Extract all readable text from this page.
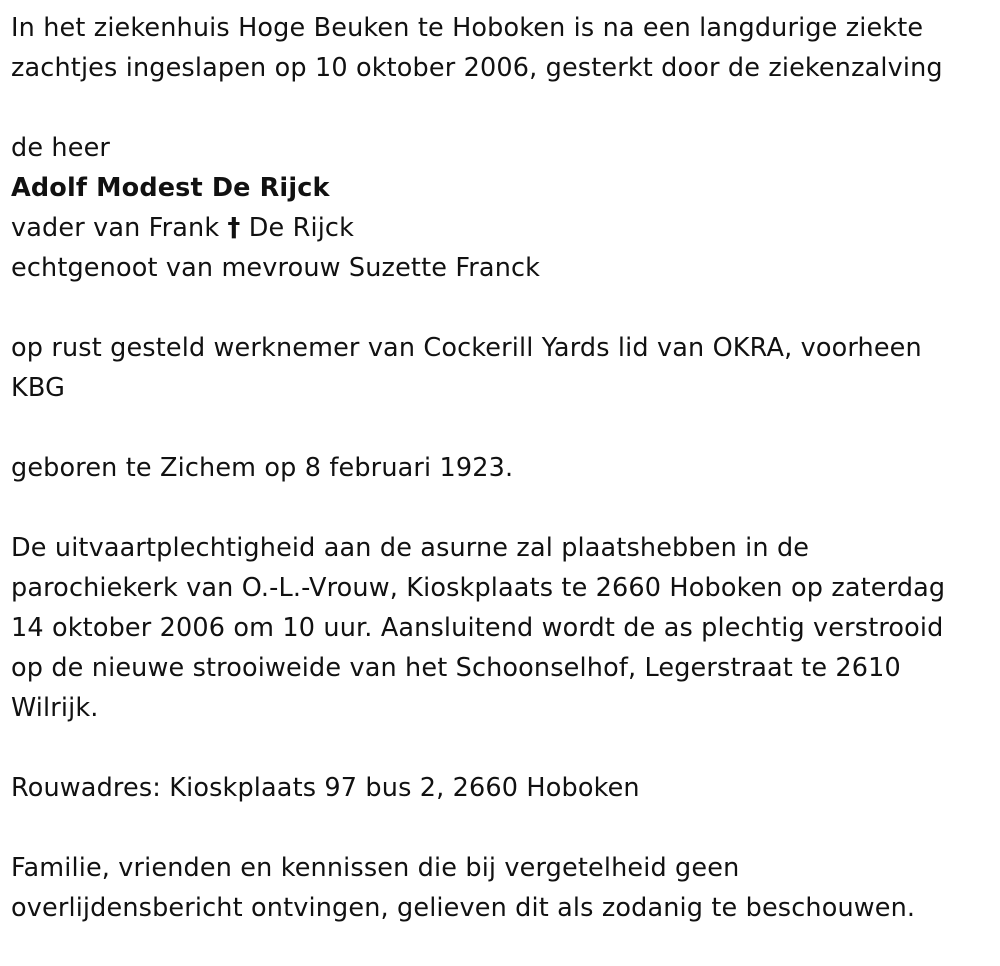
In het ziekenhuis Hoge Beuken te Hoboken is na een langdurige ziekte

zachtjes ingeslapen op 10 oktober 2006, gesterkt door de ziekenzalving

de heer

Adolf Modest De Rijck

vader van Frank † De Rijck

echtgenoot van mevrouw Suzette Franck

op rust gesteld werknemer van Cockerill Yards lid van OKRA, voorheen

KBG

geboren te Zichem op 8 februari 1923.

De uitvaartplechtigheid aan de asurne zal plaatshebben in de

parochiekerk van O.-L.-Vrouw, Kioskplaats te 2660 Hoboken op zaterdag

14 oktober 2006 om 10 uur. Aansluitend wordt de as plechtig verstrooid

op de nieuwe strooiweide van het Schoonselhof, Legerstraat te 2610

Wilrijk.

Rouwadres: Kioskplaats 97 bus 2, 2660 Hoboken

Familie, vrienden en kennissen die bij vergetelheid geen

overlijdensbericht ontvingen, gelieven dit als zodanig te beschouwen.
